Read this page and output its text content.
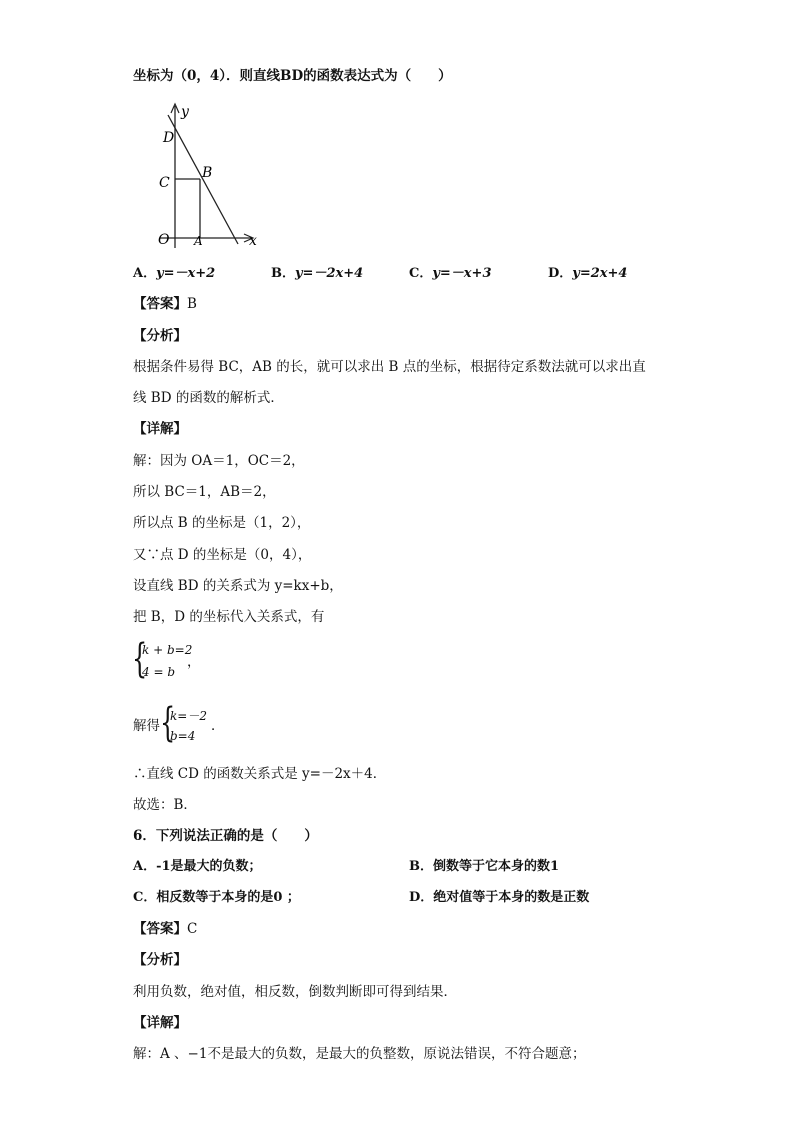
坐标为（0，4）．则直线BD的函数表达式为（　　）
y
D
B
C
O A	x
A．y=－x+2	B．y=－2x+4	C．y=－x+3	D．y=2x+4
【答案】B
【分析】
根据条件易得 BC，AB 的长，就可以求出 B 点的坐标，根据待定系数法就可以求出直
线 BD 的函数的解析式．
【详解】
解：因为 OA＝1，OC＝2，
所以 BC＝1，AB＝2，
所以点 B 的坐标是（1，2），
又∵点 D 的坐标是（0，4），
设直线 BD 的关系式为 y=kx+b，
把 B，D 的坐标代入关系式，有
{
k + b=2
4 = b
，
解得 {
k=－2
b=4
．
∴直线 CD 的函数关系式是 y=－2x＋4．
故选：B．
6．下列说法正确的是（　　）
A．-1是最大的负数；	B．倒数等于它本身的数1
C．相反数等于本身的是0 ；	D．绝对值等于本身的数是正数
【答案】C
【分析】
利用负数，绝对值，相反数，倒数判断即可得到结果．
【详解】
解：A 、−1不是最大的负数，是最大的负整数，原说法错误，不符合题意；
